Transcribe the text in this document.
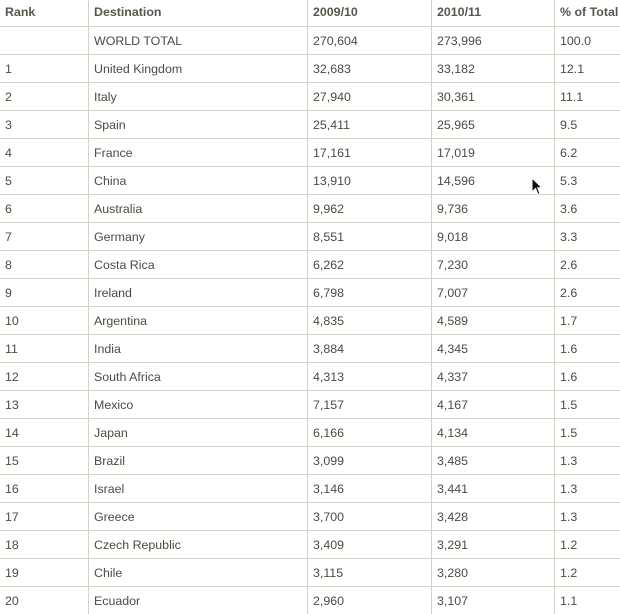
Rank	Destination	2009/10	2010/11	% of Total
	WORLD TOTAL	270,604	273,996	100.0
1	United Kingdom	32,683	33,182	12.1
2	Italy	27,940	30,361	11.1
3	Spain	25,411	25,965	9.5
4	France	17,161	17,019	6.2
5	China	13,910	14,596	5.3
6	Australia	9,962	9,736	3.6
7	Germany	8,551	9,018	3.3
8	Costa Rica	6,262	7,230	2.6
9	Ireland	6,798	7,007	2.6
10	Argentina	4,835	4,589	1.7
11	India	3,884	4,345	1.6
12	South Africa	4,313	4,337	1.6
13	Mexico	7,157	4,167	1.5
14	Japan	6,166	4,134	1.5
15	Brazil	3,099	3,485	1.3
16	Israel	3,146	3,441	1.3
17	Greece	3,700	3,428	1.3
18	Czech Republic	3,409	3,291	1.2
19	Chile	3,115	3,280	1.2
20	Ecuador	2,960	3,107	1.1
